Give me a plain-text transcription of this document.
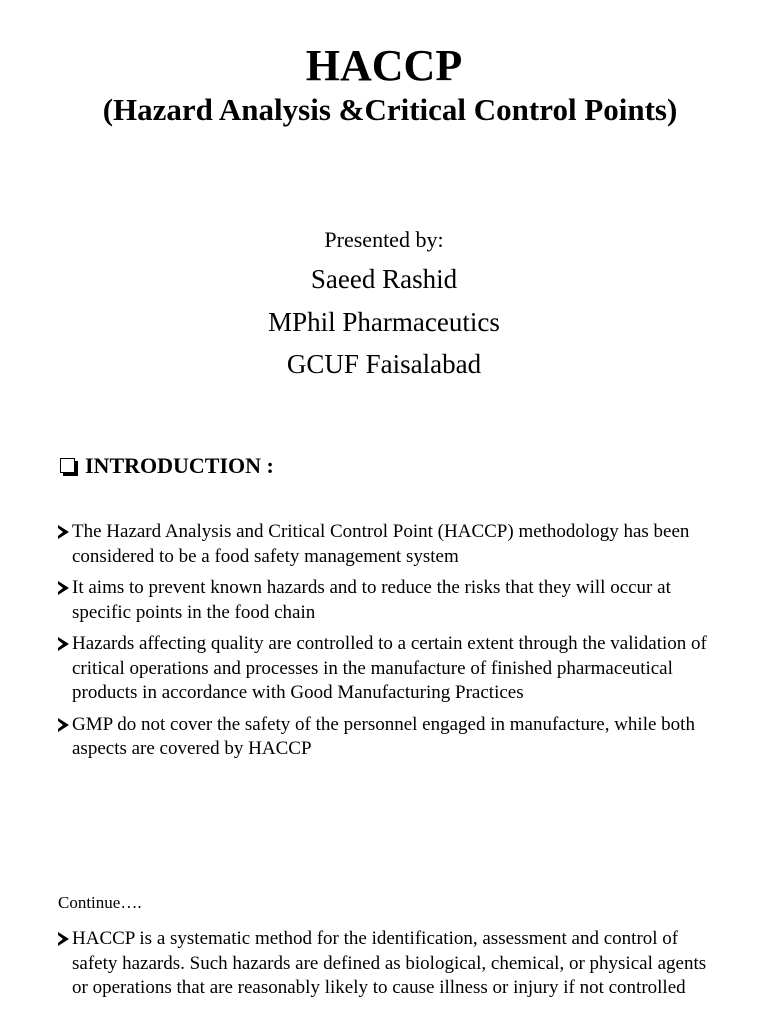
HACCP
(Hazard Analysis &Critical Control Points)
Presented by:
Saeed Rashid
MPhil Pharmaceutics
GCUF Faisalabad
INTRODUCTION :
The Hazard Analysis and Critical Control Point (HACCP) methodology has been considered to be a food safety management system
It aims to prevent known hazards and to reduce the risks that they will occur at specific points in the food chain
Hazards affecting quality are controlled to a certain extent through the validation of critical operations and processes in the manufacture of finished pharmaceutical products in accordance with Good Manufacturing Practices
GMP do not cover the safety of the personnel engaged in manufacture, while both aspects are covered by HACCP
Continue….
HACCP is a systematic method for the identification, assessment and control of safety hazards. Such hazards are defined as biological, chemical, or physical agents or operations that are reasonably likely to cause illness or injury if not controlled
